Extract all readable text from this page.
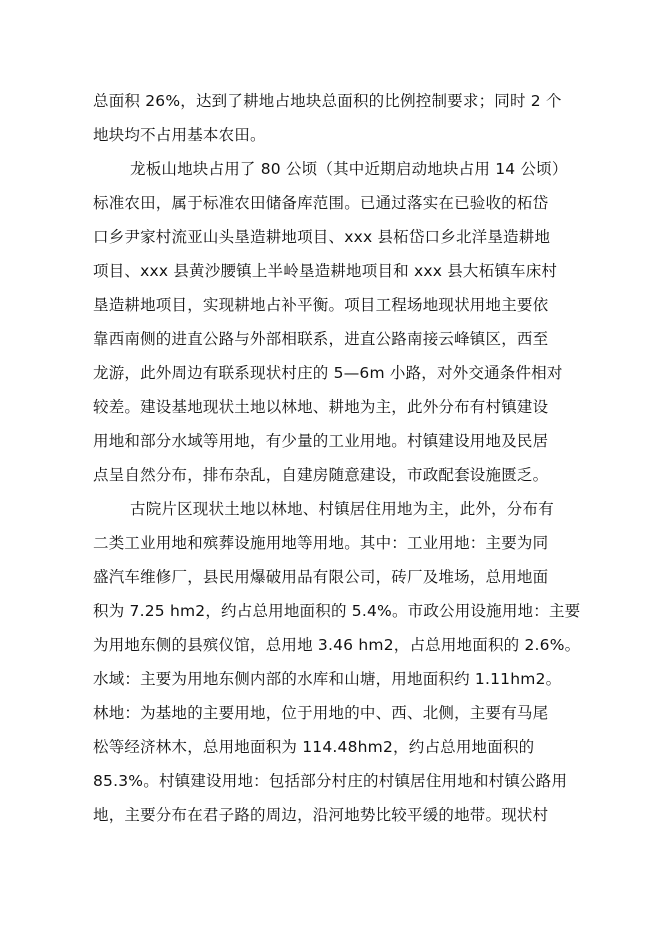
总面积 26%，达到了耕地占地块总面积的比例控制要求；同时 2 个

地块均不占用基本农田。

龙板山地块占用了 80 公顷（其中近期启动地块占用 14 公顷）

标准农田，属于标准农田储备库范围。已通过落实在已验收的柘岱

口乡尹家村流亚山头垦造耕地项目、xxx 县柘岱口乡北洋垦造耕地

项目、xxx 县黄沙腰镇上半岭垦造耕地项目和 xxx 县大柘镇车床村

垦造耕地项目，实现耕地占补平衡。项目工程场地现状用地主要依

靠西南侧的进直公路与外部相联系，进直公路南接云峰镇区，西至

龙游，此外周边有联系现状村庄的 5—6m 小路，对外交通条件相对

较差。建设基地现状土地以林地、耕地为主，此外分布有村镇建设

用地和部分水域等用地，有少量的工业用地。村镇建设用地及民居

点呈自然分布，排布杂乱，自建房随意建设，市政配套设施匮乏。

古院片区现状土地以林地、村镇居住用地为主，此外，分布有

二类工业用地和殡葬设施用地等用地。其中：工业用地：主要为同

盛汽车维修厂，县民用爆破用品有限公司，砖厂及堆场，总用地面

积为 7.25 hm2，约占总用地面积的 5.4%。市政公用设施用地：主要

为用地东侧的县殡仪馆，总用地 3.46 hm2，占总用地面积的 2.6%。

水域：主要为用地东侧内部的水库和山塘，用地面积约 1.11hm2。

林地：为基地的主要用地，位于用地的中、西、北侧，主要有马尾

松等经济林木，总用地面积为 114.48hm2，约占总用地面积的

85.3%。村镇建设用地：包括部分村庄的村镇居住用地和村镇公路用

地，主要分布在君子路的周边，沿河地势比较平缓的地带。现状村
